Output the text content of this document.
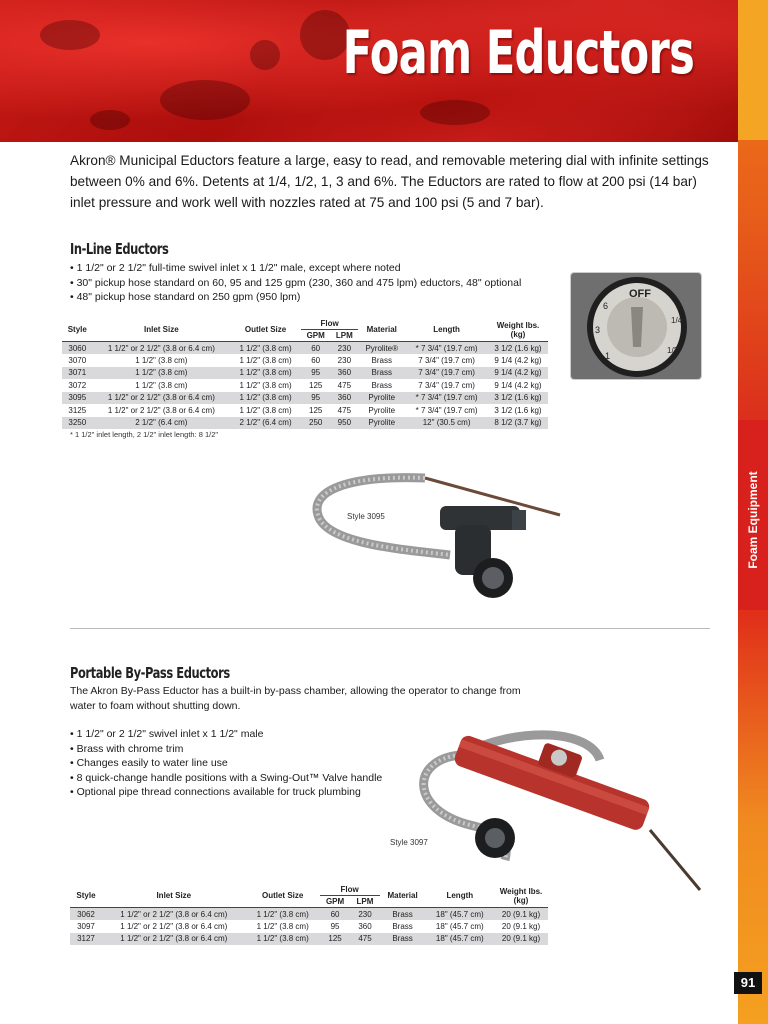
Foam Eductors
Foam Equipment
91

Akron® Municipal Eductors feature a large, easy to read, and removable metering dial with infinite settings between 0% and 6%. Detents at 1/4, 1/2, 1, 3 and 6%. The Eductors are rated to flow at 200 psi (14 bar) inlet pressure and work well with nozzles rated at 75 and 100 psi (5 and 7 bar).

In-Line Eductors
• 1 1/2" or 2 1/2" full-time swivel inlet x 1 1/2" male, except where noted
• 30" pickup hose standard on 60, 95 and 125 gpm (230, 360 and 475 lpm) eductors, 48" optional
• 48" pickup hose standard on 250 gpm (950 lpm)	OFF
6
3
1
1/2
1/4
Style	Inlet Size	Outlet Size	Flow		Material	Length	Weight lbs. (kg)
			GPM	LPM			
3060	1 1/2" or 2 1/2" (3.8 or 6.4 cm)	1 1/2" (3.8 cm)	60	230	Pyrolite®	* 7 3/4" (19.7 cm)	3 1/2 (1.6 kg)
3070	1 1/2" (3.8 cm)	1 1/2" (3.8 cm)	60	230	Brass	7 3/4" (19.7 cm)	9 1/4 (4.2 kg)
3071	1 1/2" (3.8 cm)	1 1/2" (3.8 cm)	95	360	Brass	7 3/4" (19.7 cm)	9 1/4 (4.2 kg)
3072	1 1/2" (3.8 cm)	1 1/2" (3.8 cm)	125	475	Brass	7 3/4" (19.7 cm)	9 1/4 (4.2 kg)
3095	1 1/2" or 2 1/2" (3.8 or 6.4 cm)	1 1/2" (3.8 cm)	95	360	Pyrolite	* 7 3/4" (19.7 cm)	3 1/2 (1.6 kg)
3125	1 1/2" or 2 1/2" (3.8 or 6.4 cm)	1 1/2" (3.8 cm)	125	475	Pyrolite	* 7 3/4" (19.7 cm)	3 1/2 (1.6 kg)
3250	2 1/2" (6.4 cm)	2 1/2" (6.4 cm)	250	950	Pyrolite	12" (30.5 cm)	8 1/2 (3.7 kg)
* 1 1/2" inlet length, 2 1/2" inlet length: 8 1/2"
Style 3095
Portable By-Pass Eductors

The Akron By-Pass Eductor has a built-in by-pass chamber, allowing the operator to change from water to foam without shutting down.

• 1 1/2" or 2 1/2" swivel inlet x 1 1/2" male
• Brass with chrome trim
• Changes easily to water line use
• 8 quick-change handle positions with a Swing-Out™ Valve handle
• Optional pipe thread connections available for truck plumbing
Style 3097
Style	Inlet Size	Outlet Size	Flow		Material	Length	Weight lbs. (kg)
			GPM	LPM			
3062	1 1/2" or 2 1/2" (3.8 or 6.4 cm)	1 1/2" (3.8 cm)	60	230	Brass	18" (45.7 cm)	20 (9.1 kg)
3097	1 1/2" or 2 1/2" (3.8 or 6.4 cm)	1 1/2" (3.8 cm)	95	360	Brass	18" (45.7 cm)	20 (9.1 kg)
3127	1 1/2" or 2 1/2" (3.8 or 6.4 cm)	1 1/2" (3.8 cm)	125	475	Brass	18" (45.7 cm)	20 (9.1 kg)
